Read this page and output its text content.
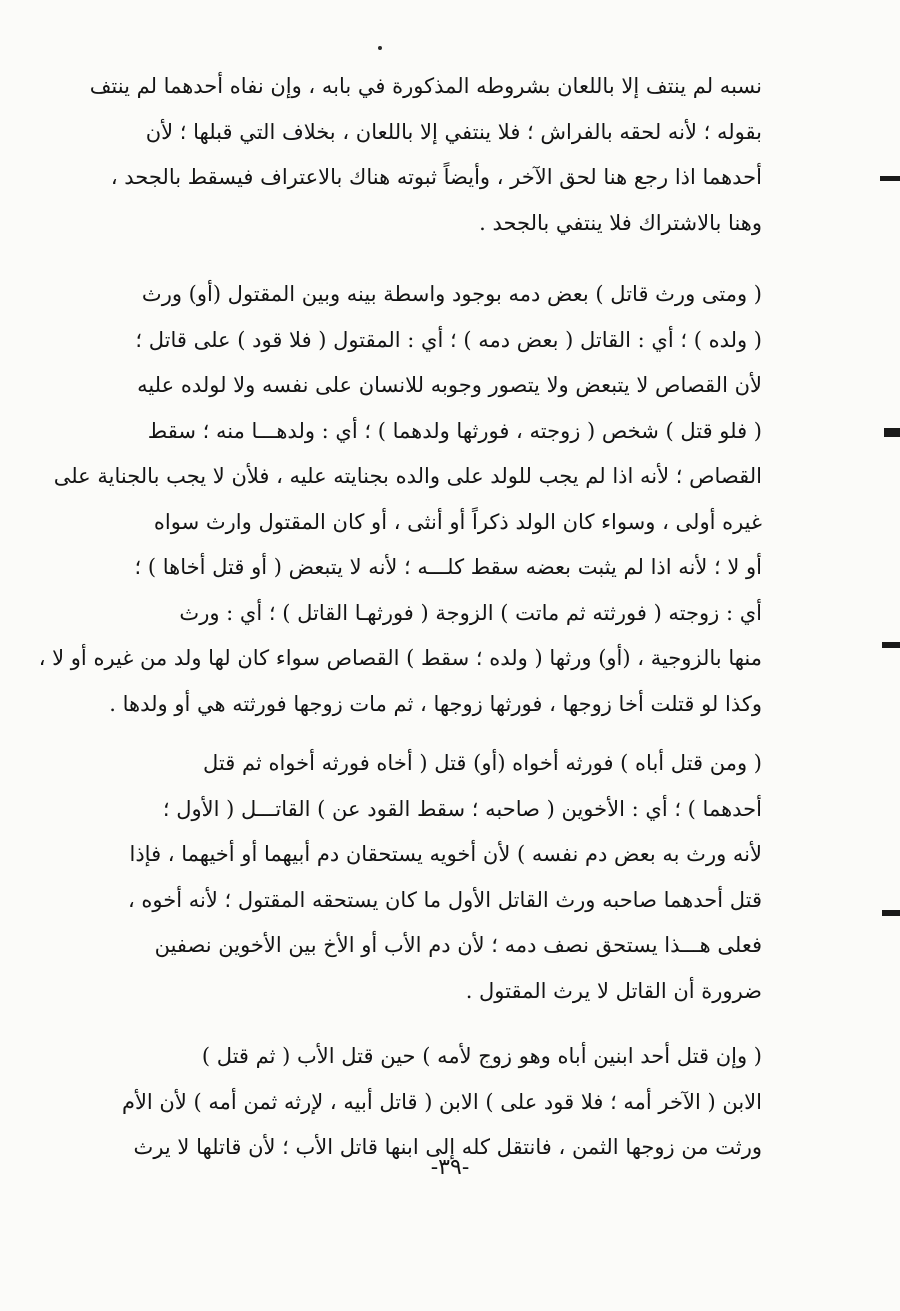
نسبه لم ينتف إلا باللعان بشروطه المذكورة في بابه ، وإن نفاه أحدهما لم ينتف
بقوله ؛ لأنه لحقه بالفراش ؛ فلا ينتفي إلا باللعان ، بخلاف التي قبلها ؛ لأن
أحدهما اذا رجع هنا لحق الآخر ، وأيضاً ثبوته هناك بالاعتراف فيسقط بالجحد ،
وهنا بالاشتراك فلا ينتفي بالجحد .
( ومتى ورث قاتل ) بعض دمه بوجود واسطة بينه وبين المقتول (أو) ورث
( ولده ) ؛ أي : القاتل ( بعض دمه ) ؛ أي : المقتول ( فلا قود ) على قاتل ؛
لأن القصاص لا يتبعض ولا يتصور وجوبه للانسان على نفسه ولا لولده عليه
( فلو قتل ) شخص ( زوجته ، فورثها ولدهما ) ؛ أي : ولدهـــا منه ؛ سقط
القصاص ؛ لأنه اذا لم يجب للولد على والده بجنايته عليه ، فلأن لا يجب بالجناية على
غيره أولى ، وسواء كان الولد ذكراً أو أنثى ، أو كان المقتول وارث سواه
أو لا ؛ لأنه اذا لم يثبت بعضه سقط كلـــه ؛ لأنه لا يتبعض ( أو قتل أخاها ) ؛
أي : زوجته ( فورثته ثم ماتت ) الزوجة ( فورثهـا القاتل ) ؛ أي : ورث
منها بالزوجية ، (أو) ورثها ( ولده ؛ سقط ) القصاص سواء كان لها ولد من غيره أو لا ،
وكذا لو قتلت أخا زوجها ، فورثها زوجها ، ثم مات زوجها فورثته هي أو ولدها .
( ومن قتل أباه ) فورثه أخواه (أو) قتل ( أخاه فورثه أخواه ثم قتل
أحدهما ) ؛ أي : الأخوين ( صاحبه ؛ سقط القود عن ) القاتـــل ( الأول ؛
لأنه ورث به بعض دم نفسه ) لأن أخويه يستحقان دم أبيهما أو أخيهما ، فإذا
قتل أحدهما صاحبه ورث القاتل الأول ما كان يستحقه المقتول ؛ لأنه أخوه ،
فعلى هـــذا يستحق نصف دمه ؛ لأن دم الأب أو الأخ بين الأخوين نصفين
ضرورة أن القاتل لا يرث المقتول .
( وإن قتل أحد ابنين أباه وهو زوج لأمه ) حين قتل الأب ( ثم قتل )
الابن ( الآخر أمه ؛ فلا قود على ) الابن ( قاتل أبيه ، لإرثه ثمن أمه ) لأن الأم
ورثت من زوجها الثمن ، فانتقل كله إلى ابنها قاتل الأب ؛ لأن قاتلها لا يرث
-٣٩-
